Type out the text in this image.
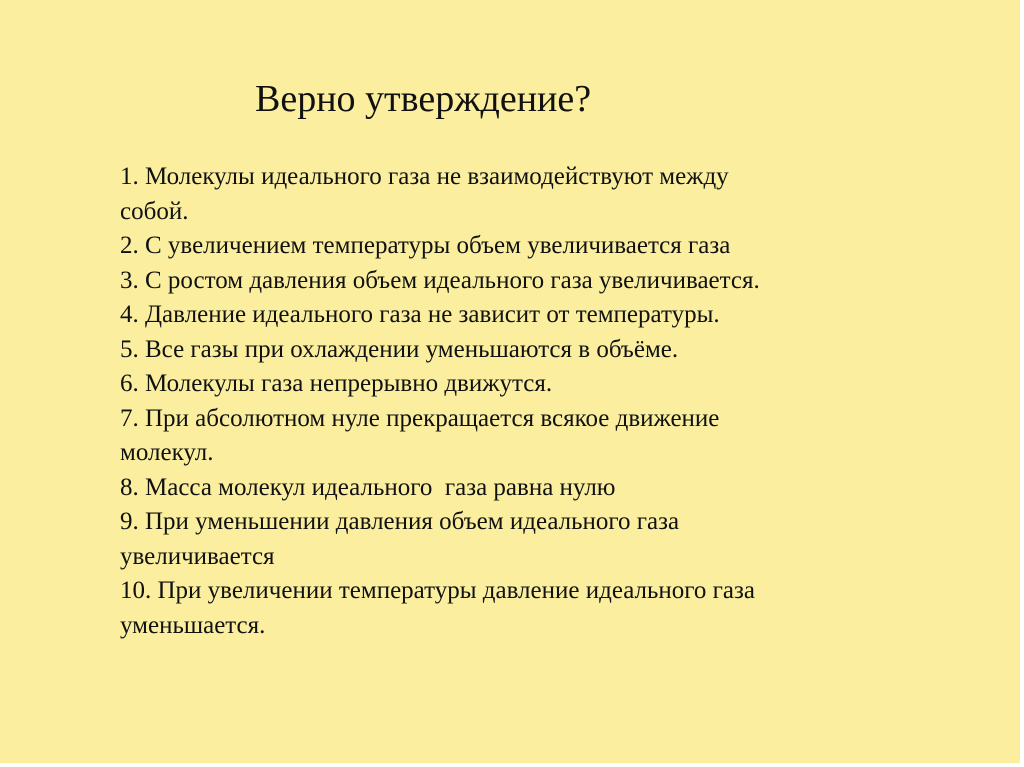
Верно утверждение?
1. Молекулы идеального газа не взаимодействуют между
собой.
2. С увеличением температуры объем увеличивается газа
3. С ростом давления объем идеального газа увеличивается.
4. Давление идеального газа не зависит от температуры.
5. Все газы при охлаждении уменьшаются в объёме.
6. Молекулы газа непрерывно движутся.
7. При абсолютном нуле прекращается всякое движение
молекул.
8. Масса молекул идеального  газа равна нулю
9. При уменьшении давления объем идеального газа
увеличивается
10. При увеличении температуры давление идеального газа
уменьшается.
